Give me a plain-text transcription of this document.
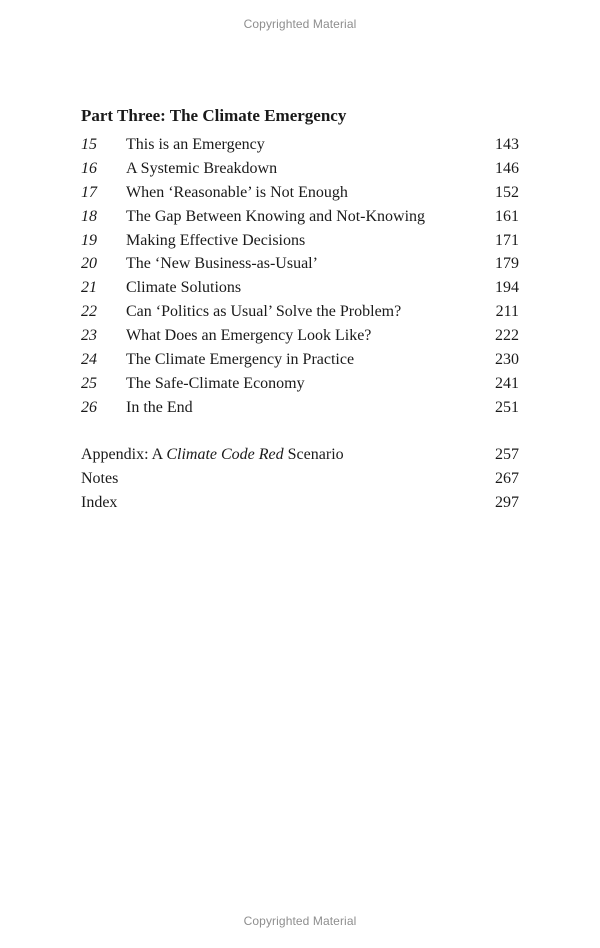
Copyrighted Material
Part Three: The Climate Emergency
15 This is an Emergency	143
16 A Systemic Breakdown	146
17 When ‘Reasonable’ is Not Enough	152
18 The Gap Between Knowing and Not-Knowing	161
19 Making Effective Decisions	171
20 The ‘New Business-as-Usual’	179
21 Climate Solutions	194
22 Can ‘Politics as Usual’ Solve the Problem?	211
23 What Does an Emergency Look Like?	222
24 The Climate Emergency in Practice	230
25 The Safe-Climate Economy	241
26 In the End	251
Appendix: A Climate Code Red Scenario	257
Notes	267
Index	297
Copyrighted Material
